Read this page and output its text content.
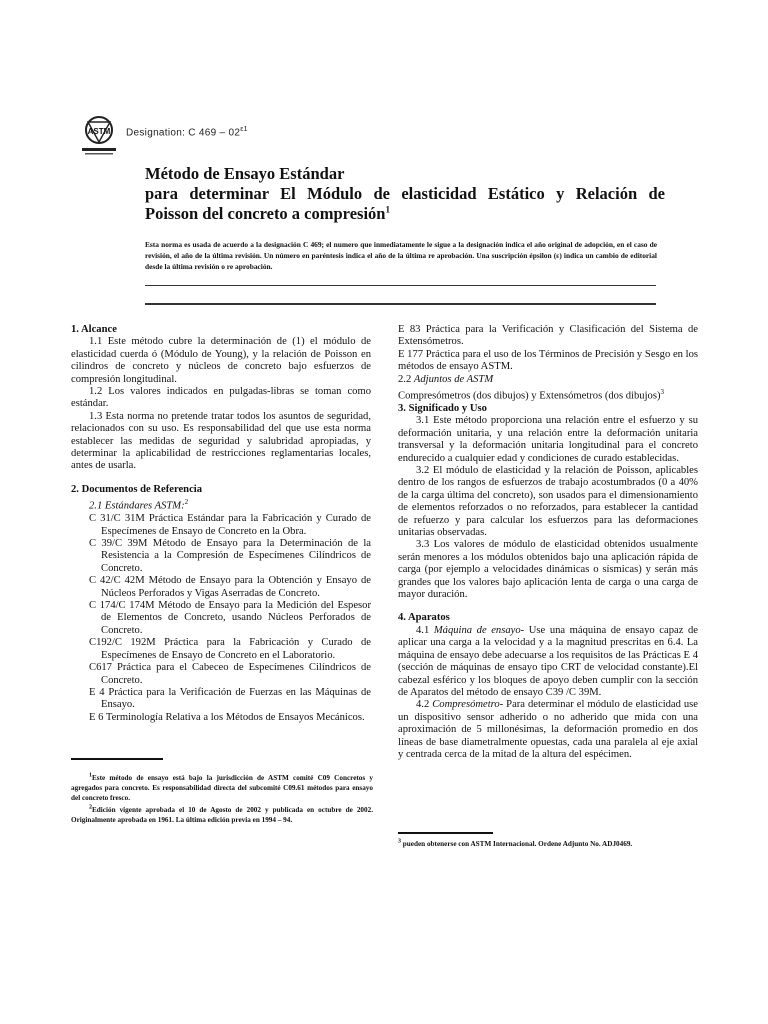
ASTM Designation: C $469 - 02^{\varepsilon 1}$
Método de Ensayo Estándar
para determinar El Módulo de elasticidad Estático y Relación de
Poisson del concreto a compresión$^1$
Esta norma es usada de acuerdo a la designación C 469; el numero que inmediatamente le sigue a la designación indica el año original de adopción, en el caso de revisión, el año de la última revisión. Un número en paréntesis indica el año de la última re aprobación. Una suscripción épsilon (ε) indica un cambio de editorial desde la última revisión o re aprobación.
1. Alcance

1.1 Este método cubre la determinación de (1) el módulo de elasticidad cuerda ó (Módulo de Young), y la relación de Poisson en cilindros de concreto y núcleos de concreto bajo esfuerzos de compresión longitudinal.

1.2 Los valores indicados en pulgadas-libras se toman como estándar.

1.3 Esta norma no pretende tratar todos los asuntos de seguridad, relacionados con su uso. Es responsabilidad del que use esta norma establecer las medidas de seguridad y salubridad apropiadas, y determinar la aplicabilidad de restricciones reglamentarias locales, antes de usarla.

2. Documentos de Referencia

2.1 Estándares ASTM:$^2$

C 31/C 31M Práctica Estándar para la Fabricación y Curado de Especímenes de Ensayo de Concreto en la Obra.

C 39/C 39M Método de Ensayo para la Determinación de la Resistencia a la Compresión de Especímenes Cilíndricos de Concreto.

C 42/C 42M Método de Ensayo para la Obtención y Ensayo de Núcleos Perforados y Vigas Aserradas de Concreto.

C 174/C 174M Método de Ensayo para la Medición del Espesor de Elementos de Concreto, usando Núcleos Perforados de Concreto.

C192/C 192M Práctica para la Fabricación y Curado de Especímenes de Ensayo de Concreto en el Laboratorio.

C617 Práctica para el Cabeceo de Especímenes Cilíndricos de Concreto.

E 4 Práctica para la Verificación de Fuerzas en las Máquinas de Ensayo.

E 6 Terminología Relativa a los Métodos de Ensayos Mecánicos.

$^1$Este método de ensayo está bajo la jurisdicción de ASTM comité C09 Concretos y agregados para concreto. Es responsabilidad directa del subcomité C09.61 métodos para ensayo del concreto fresco.
$^2$Edición vigente aprobada el 10 de Agosto de 2002 y publicada en octubre de 2002. Originalmente aprobada en 1961. La última edición previa en 1994 – 94.

E 83 Práctica para la Verificación y Clasificación del Sistema de Extensómetros.

E 177 Práctica para el uso de los Términos de Precisión y Sesgo en los métodos de ensayo ASTM.

2.2 Adjuntos de ASTM

Compresómetros (dos dibujos) y Extensómetros (dos dibujos)$^3$

3. Significado y Uso

3.1 Este método proporciona una relación entre el esfuerzo y su deformación unitaria, y una relación entre la deformación unitaria transversal y la deformación unitaria longitudinal para el concreto endurecido a cualquier edad y condiciones de curado establecidas.

3.2 El módulo de elasticidad y la relación de Poisson, aplicables dentro de los rangos de esfuerzos de trabajo acostumbrados (0 a 40% de la carga última del concreto), son usados para el dimensionamiento de elementos reforzados o no reforzados, para establecer la cantidad de refuerzo y para calcular los esfuerzos para las deformaciones unitarias observadas.

3.3 Los valores de módulo de elasticidad obtenidos usualmente serán menores a los módulos obtenidos bajo una aplicación rápida de carga (por ejemplo a velocidades dinámicas o sísmicas) y serán más grandes que los valores bajo aplicación lenta de carga o una carga de mayor duración.

4. Aparatos

4.1 Máquina de ensayo- Use una máquina de ensayo capaz de aplicar una carga a la velocidad y a la magnitud prescritas en 6.4. La máquina de ensayo debe adecuarse a los requisitos de las Prácticas E 4 (sección de máquinas de ensayo tipo CRT de velocidad constante).El cabezal esférico y los bloques de apoyo deben cumplir con la sección de Aparatos del método de ensayo C39 /C 39M.

4.2 Compresómetro- Para determinar el módulo de elasticidad use un dispositivo sensor adherido o no adherido que mida con una aproximación de 5 millonésimas, la deformación promedio en dos líneas de base diametralmente opuestas, cada una paralela al eje axial y centrada cerca de la mitad de la altura del espécimen.

$^3$ pueden obtenerse con ASTM Internacional. Ordene Adjunto No. ADJ0469.
